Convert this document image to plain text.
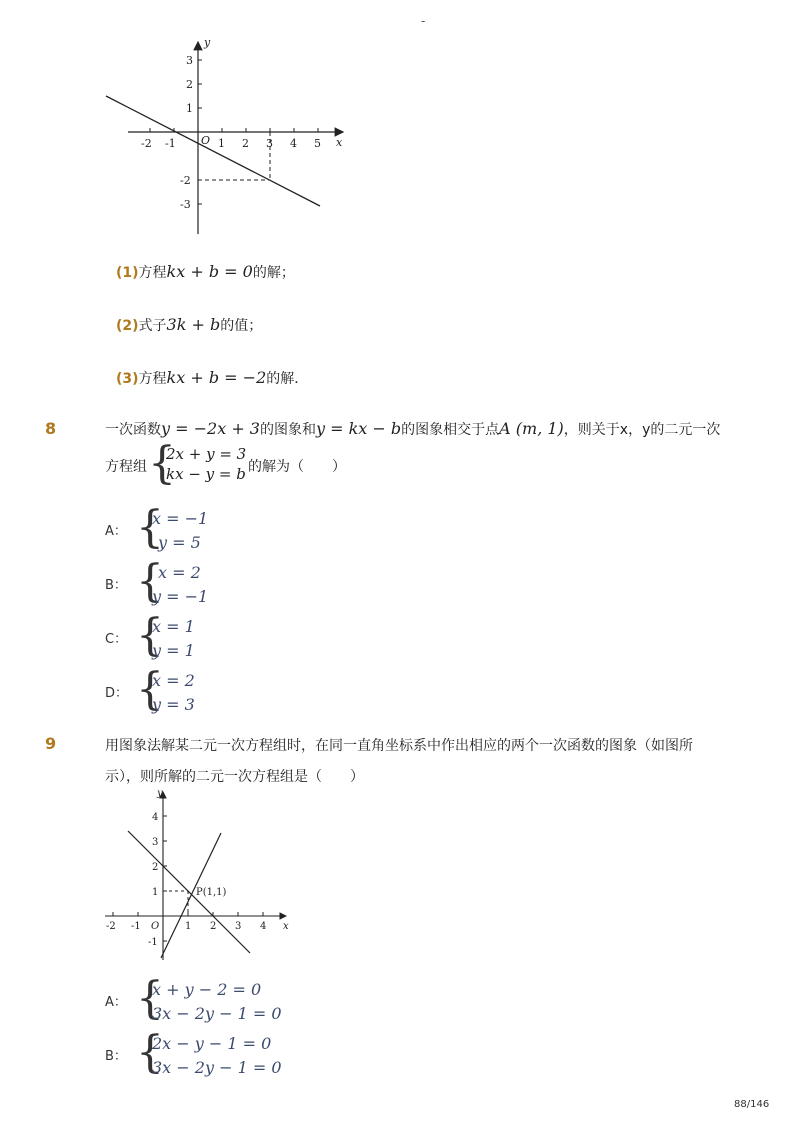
-
-2 -1	1 2 3 4 5
3
2
1
-2
-3
O	x
y
(1)方程kx + b = 0的解；
(2)式子3k + b的值；
(3)方程kx + b = −2的解．
8	一次函数y = −2x + 3的图象和y = kx − b的图象相交于点A (m, 1)，则关于x，y的二元一次
方程组 {
2x + y = 3
kx − y = b 的解为（　　）
A： {
x = −1
y = 5
B： {
x = 2
y = −1
C： {
x = 1
y = 1
D： {
x = 2
y = 3
9	用图象法解某二元一次方程组时，在同一直角坐标系中作出相应的两个一次函数的图象（如图所
示），则所解的二元一次方程组是（　　）
-2 -1	1 2 3 4
4
3
2
1
-1
O	x
y
P(1,1)
A： {
x + y − 2 = 0
3x − 2y − 1 = 0
B： {
2x − y − 1 = 0
3x − 2y − 1 = 0
88/146
